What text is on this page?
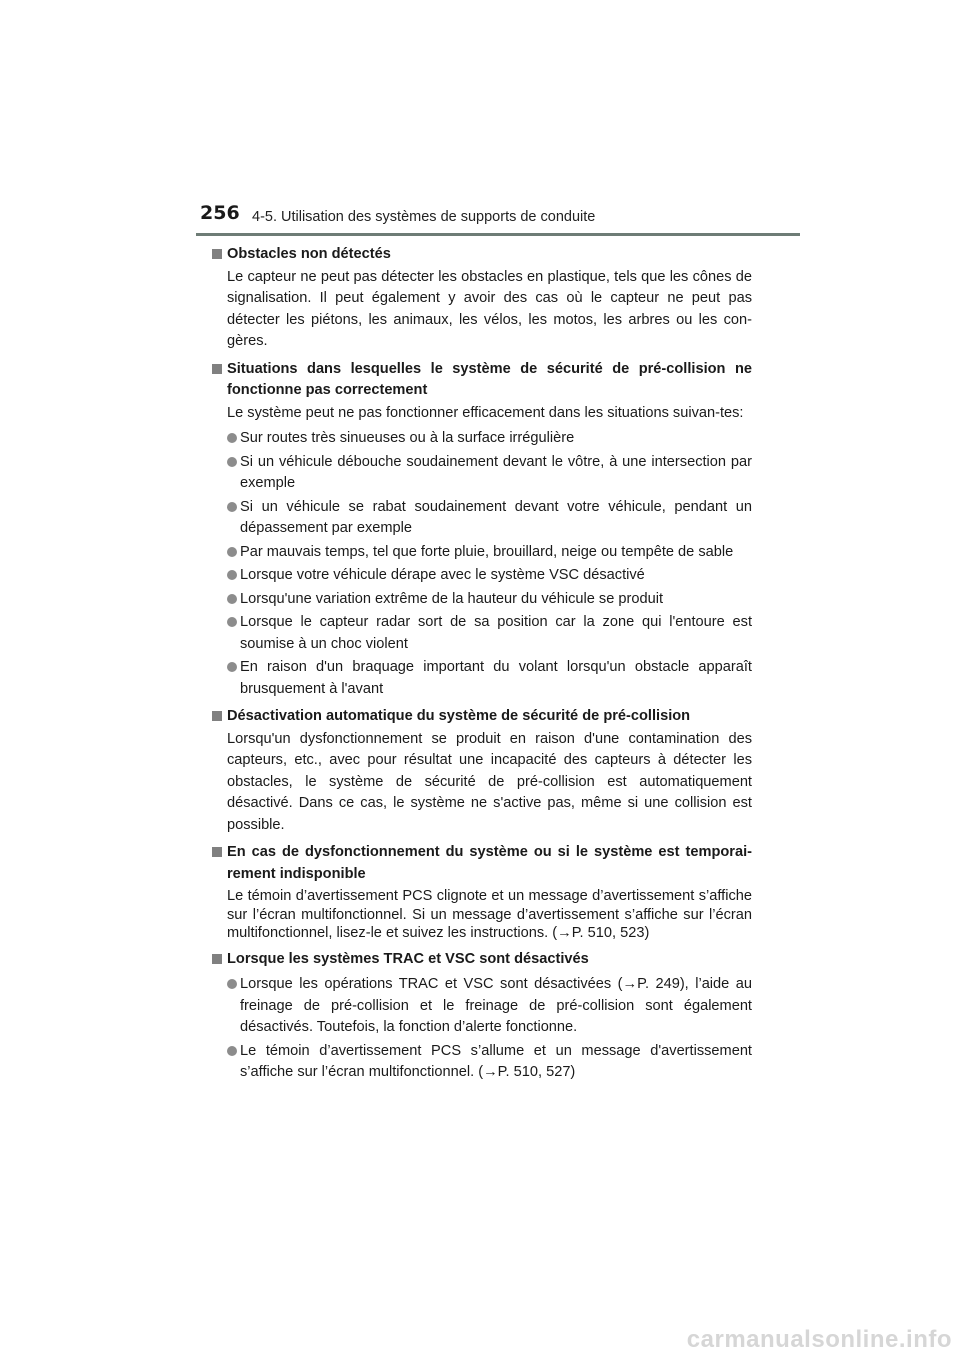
256 4-5. Utilisation des systèmes de supports de conduite
Obstacles non détectés
Le capteur ne peut pas détecter les obstacles en plastique, tels que les cônes de signalisation. Il peut également y avoir des cas où le capteur ne peut pas détecter les piétons, les animaux, les vélos, les motos, les arbres ou les con-gères.
Situations dans lesquelles le système de sécurité de pré-collision ne fonctionne pas correctement
Le système peut ne pas fonctionner efficacement dans les situations suivan-tes:
Sur routes très sinueuses ou à la surface irrégulière
Si un véhicule débouche soudainement devant le vôtre, à une intersection par exemple
Si un véhicule se rabat soudainement devant votre véhicule, pendant un dépassement par exemple
Par mauvais temps, tel que forte pluie, brouillard, neige ou tempête de sable
Lorsque votre véhicule dérape avec le système VSC désactivé
Lorsqu'une variation extrême de la hauteur du véhicule se produit
Lorsque le capteur radar sort de sa position car la zone qui l'entoure est soumise à un choc violent
En raison d'un braquage important du volant lorsqu'un obstacle apparaît brusquement à l'avant
Désactivation automatique du système de sécurité de pré-collision
Lorsqu'un dysfonctionnement se produit en raison d'une contamination des capteurs, etc., avec pour résultat une incapacité des capteurs à détecter les obstacles, le système de sécurité de pré-collision est automatiquement désactivé. Dans ce cas, le système ne s'active pas, même si une collision est possible.
En cas de dysfonctionnement du système ou si le système est temporai-rement indisponible
Le témoin d’avertissement PCS clignote et un message d’avertissement s’affiche sur l’écran multifonctionnel. Si un message d’avertissement s’affiche sur l’écran multifonctionnel, lisez-le et suivez les instructions. (→P. 510, 523)
Lorsque les systèmes TRAC et VSC sont désactivés
Lorsque les opérations TRAC et VSC sont désactivées (→P. 249), l’aide au freinage de pré-collision et le freinage de pré-collision sont également désactivés. Toutefois, la fonction d’alerte fonctionne.
Le témoin d’avertissement PCS s’allume et un message d'avertissement s’affiche sur l’écran multifonctionnel. (→P. 510, 527)
carmanualsonline.info
